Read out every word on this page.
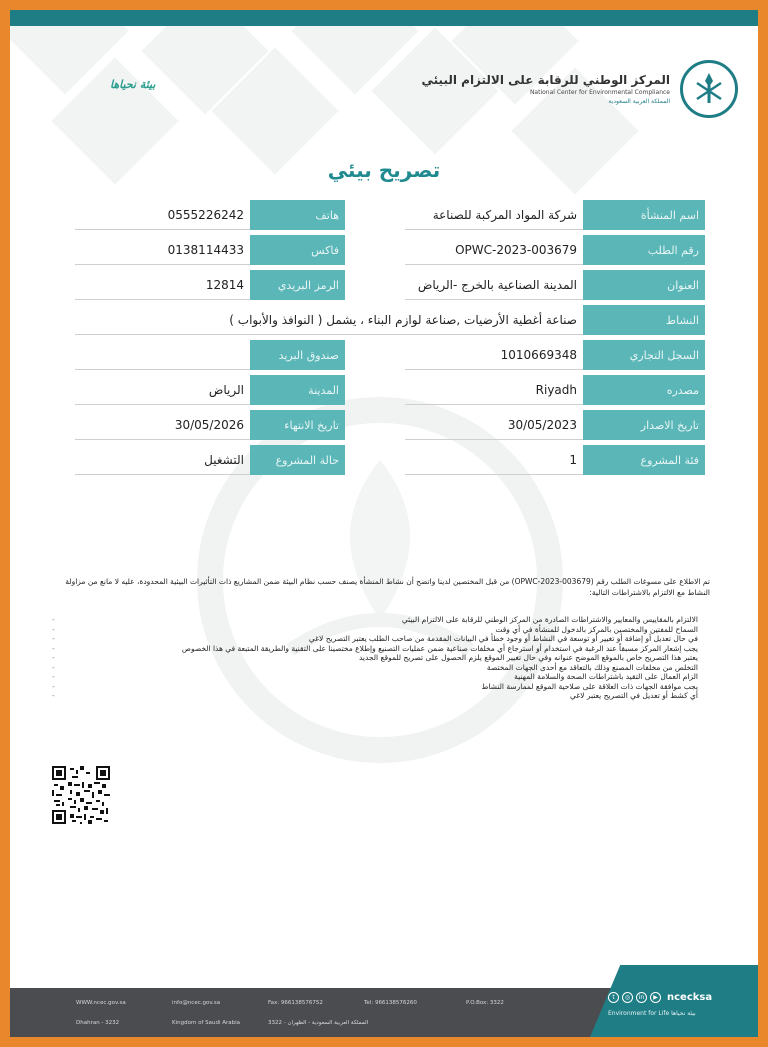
المركز الوطني للرقابة على الالتزام البيئي
National Center for Environmental Compliance
المملكة العربية السعودية
بيئة نحياها
تصريح بيئي
اسم المنشأة
شركة المواد المركبة للصناعة
رقم الطلب
OPWC-2023-003679
العنوان
المدينة الصناعية بالخرج -الرياض
النشاط
صناعة أغطية الأرضيات ,صناعة لوازم البناء ، يشمل ( النوافذ والأبواب )
السجل التجاري
1010669348
مصدره
Riyadh
تاريخ الاصدار
30/05/2023
فئة المشروع
1
هاتف
0555226242
فاكس
0138114433
الرمز البريدي
12814
صندوق البريد
المدينة
الرياض
تاريخ الانتهاء
30/05/2026
حالة المشروع
التشغيل
تم الاطلاع على مسوغات الطلب رقم (OPWC-2023-003679) من قبل المختصين لدينا واتضح أن نشاط المنشأة يصنف حسب نظام البيئة ضمن المشاريع ذات التأثيرات البيئية المحدودة، عليه لا مانع من مزاولة النشاط مع الالتزام بالاشتراطات التالية:
الالتزام بالمقاييس والمعايير والاشتراطات الصادرة من المركز الوطني للرقابة على الالتزام البيئي -
السماح للمفتين والمختصين بالمركز بالدخول للمنشأة في أي وقت -
في حال تعديل أو إضافة أو تغيير أو توسعة في النشاط أو وجود خطأ في البيانات المقدمة من صاحب الطلب يعتبر التصريح لاغي -
يجب إشعار المركز مسبقاً عند الرغبة في استخدام أو استرجاع أي مخلفات صناعية ضمن عمليات التصنيع وإطلاع مختصينا على التقنية والطريقة المتبعة في هذا الخصوص -
يعتبر هذا التصريح خاص بالموقع الموضح عنوانه وفي حال تغيير الموقع يلزم الحصول على تصريح للموقع الجديد -
التخلص من مخلفات المصنع وذلك بالتعاقد مع أحدى الجهات المختصة -
الزام العمال على التقيد باشتراطات الصحة والسلامة المهنية -
يجب موافقة الجهات ذات العلاقة على صلاحية الموقع لممارسة النشاط -
أي كشط أو تعديل في التصريح يعتبر لاغي -
WWW.ncec.gov.sa	info@ncec.gov.sa	Fax: 966138576752	Tel: 966138576260	P.O.Box: 3322
Dhahran - 3232	Kingdom of Saudi Arabia	المملكة العربية السعودية - الظهران - 3322
t	◎	in	▶ ncecksa
Environment for Life بيئة نحياها
